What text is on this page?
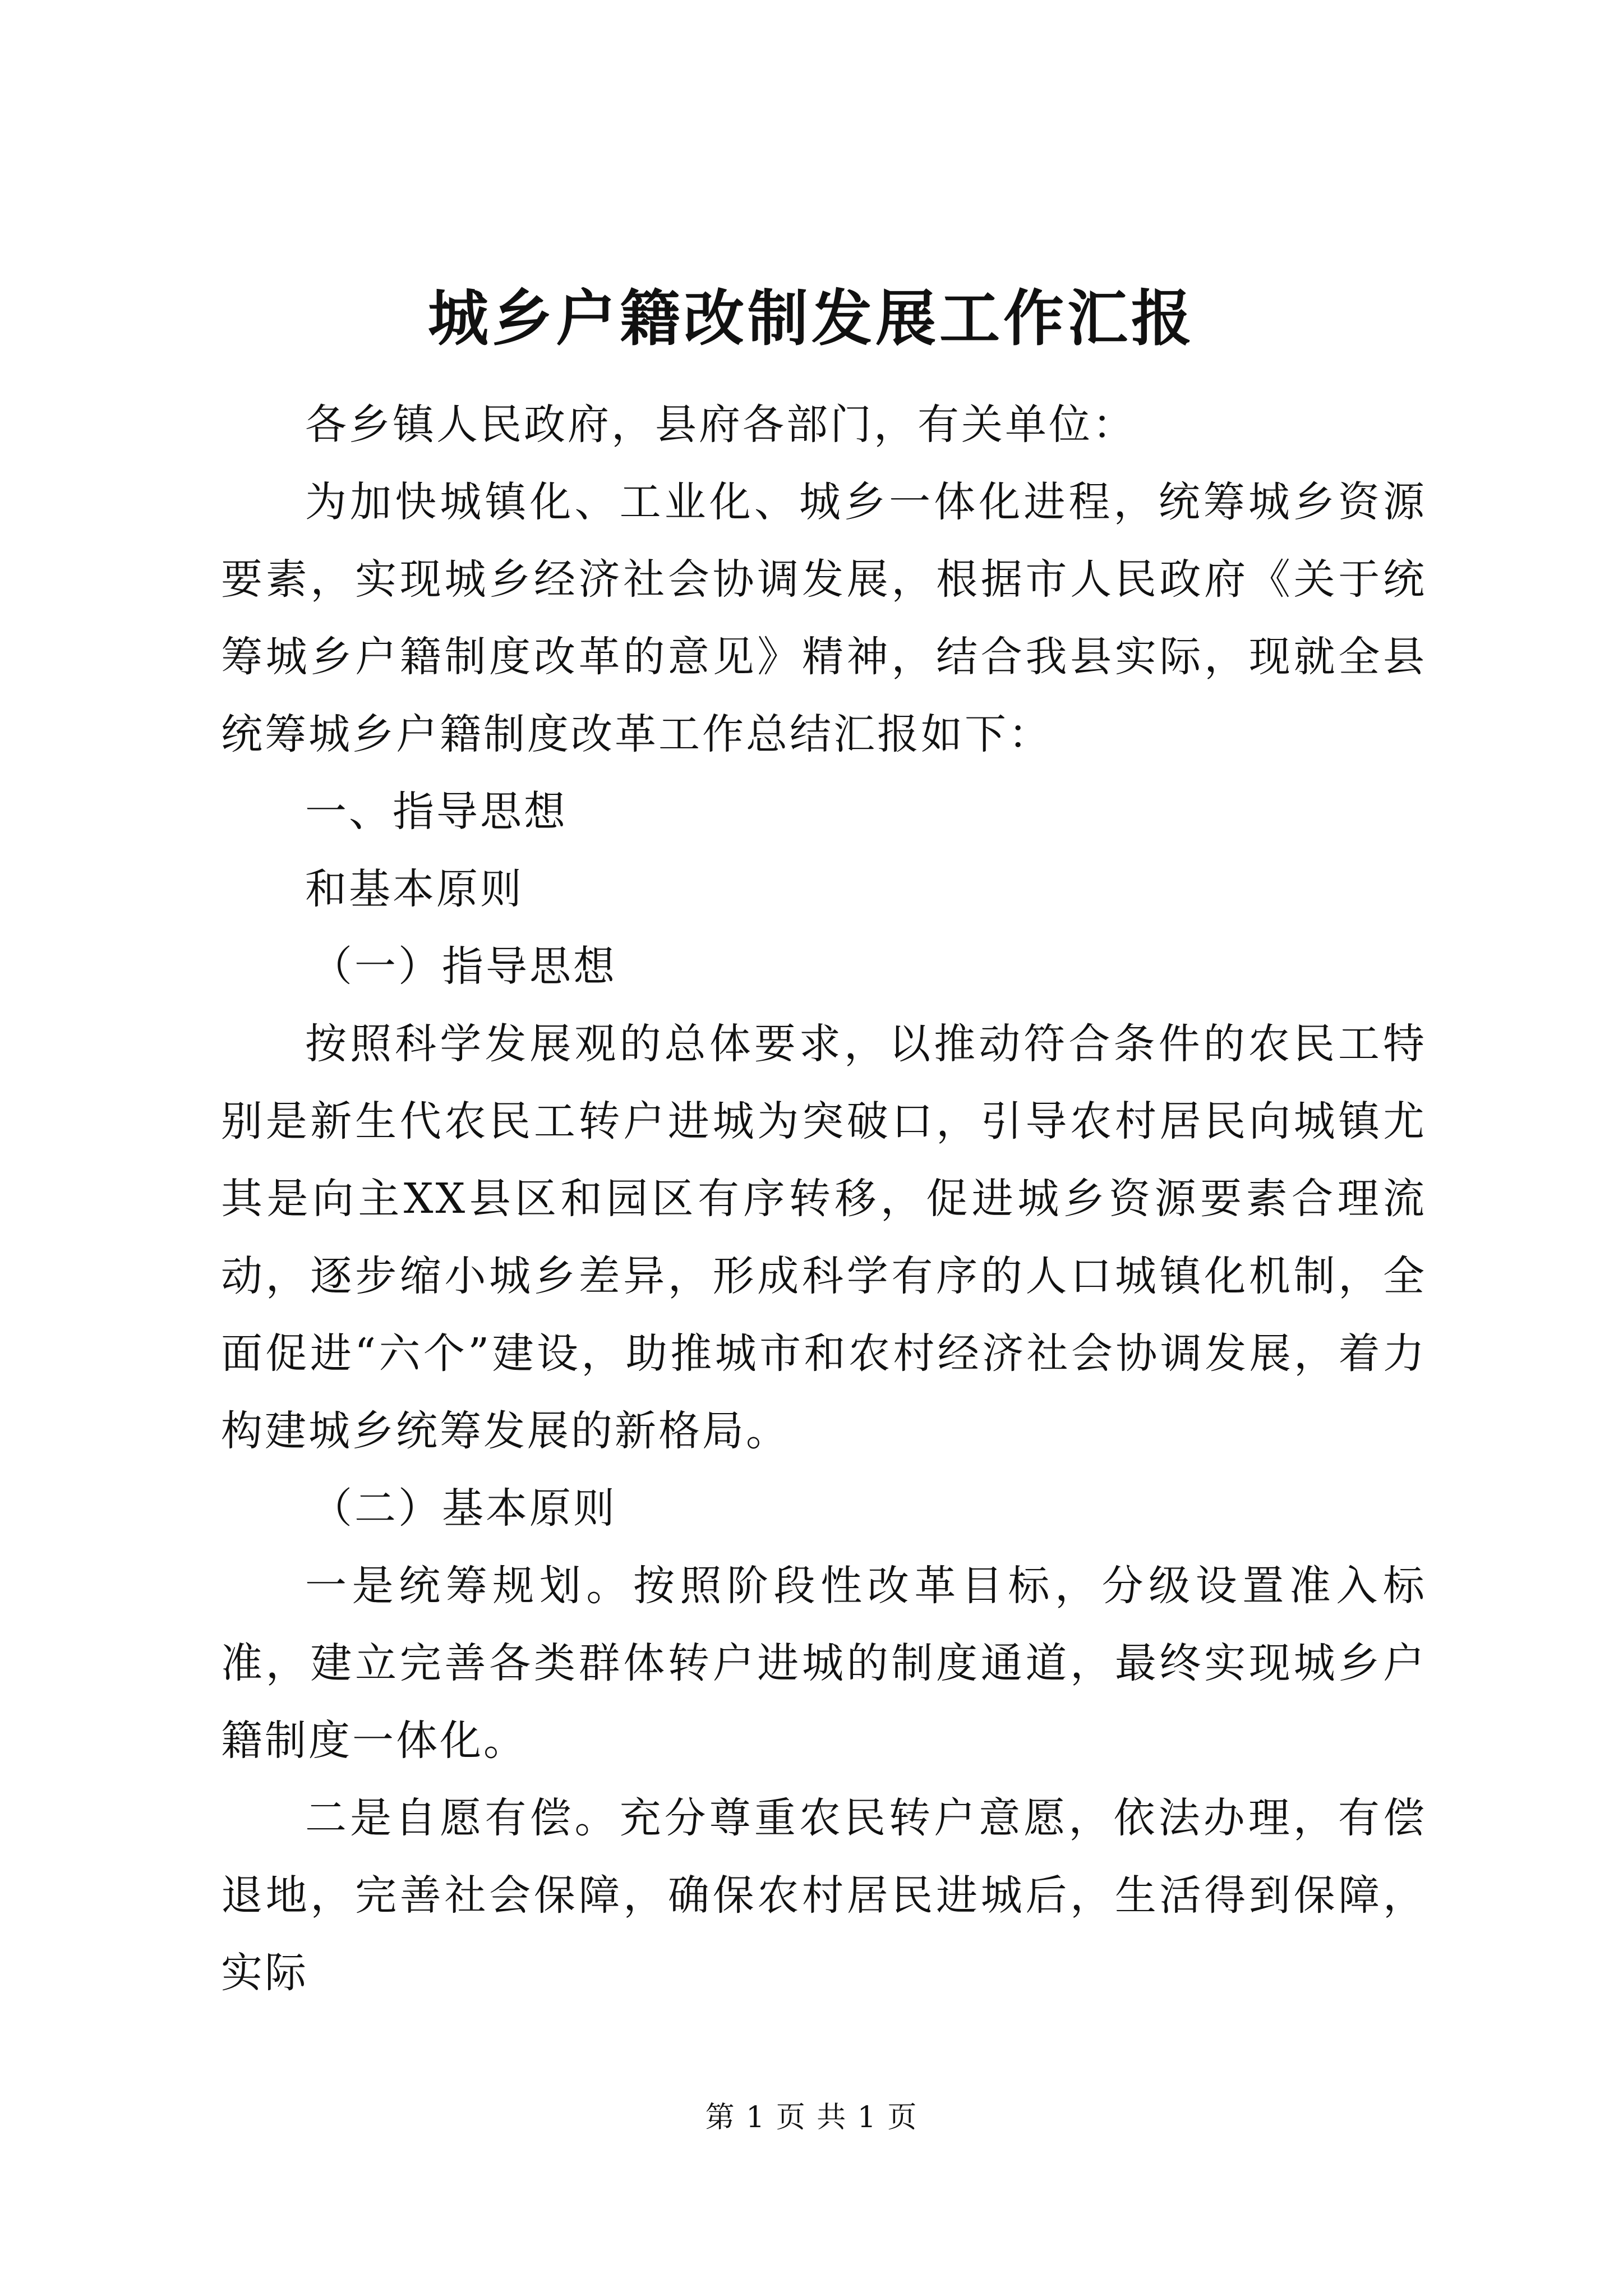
城乡户籍改制发展工作汇报

各乡镇人民政府，县府各部门，有关单位：

为加快城镇化、工业化、城乡一体化进程，统筹城乡资源要素，实现城乡经济社会协调发展，根据市人民政府《关于统筹城乡户籍制度改革的意见》精神，结合我县实际，现就全县统筹城乡户籍制度改革工作总结汇报如下：

一、指导思想

和基本原则

（一）指导思想

按照科学发展观的总体要求，以推动符合条件的农民工特别是新生代农民工转户进城为突破口，引导农村居民向城镇尤其是向主XX县区和园区有序转移，促进城乡资源要素合理流动，逐步缩小城乡差异，形成科学有序的人口城镇化机制，全面促进“六个”建设，助推城市和农村经济社会协调发展，着力构建城乡统筹发展的新格局。

（二）基本原则

一是统筹规划。按照阶段性改革目标，分级设置准入标准，建立完善各类群体转户进城的制度通道，最终实现城乡户籍制度一体化。

二是自愿有偿。充分尊重农民转户意愿，依法办理，有偿退地，完善社会保障，确保农村居民进城后，生活得到保障，实际

第 1 页 共 1 页
